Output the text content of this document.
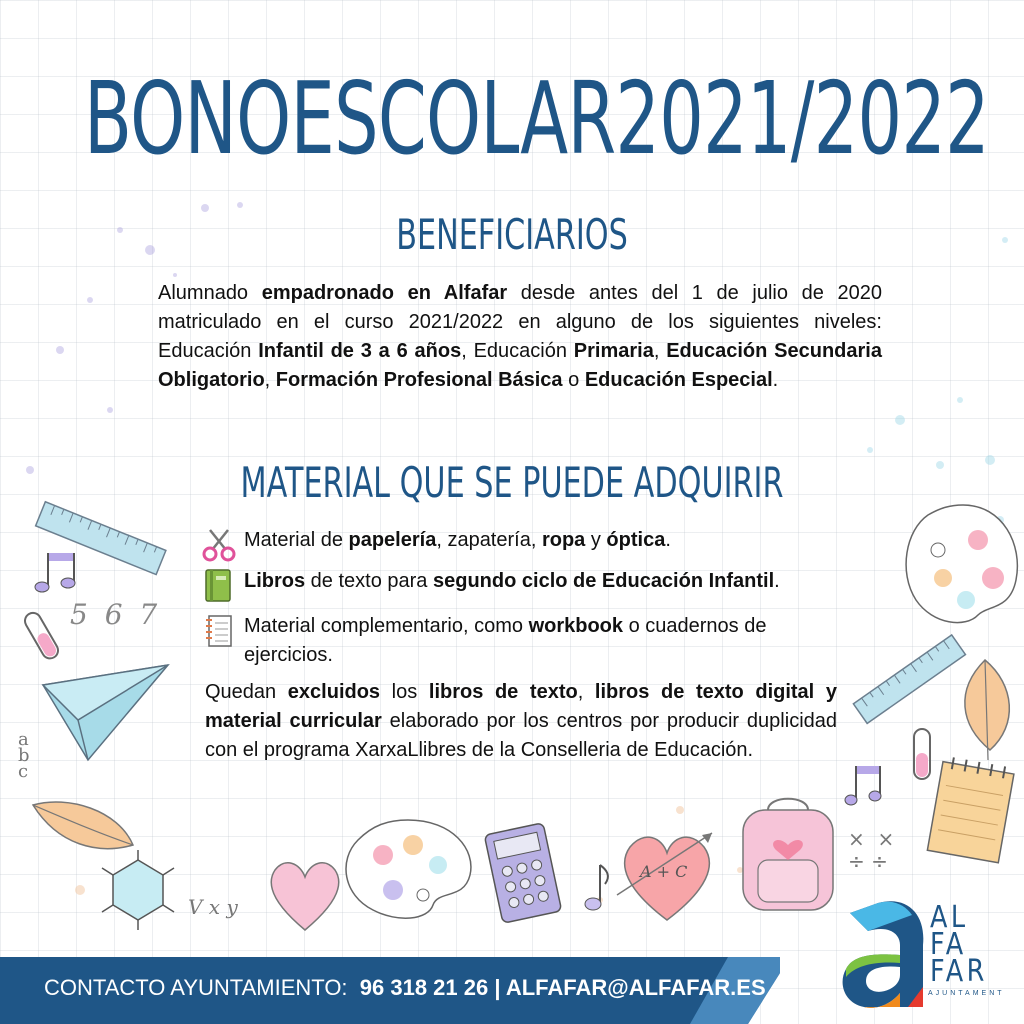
5 6 7
a b c
V x y
A + C
×  ×
÷ ÷
BONO ESCOLAR 2021/2022
BENEFICIARIOS
Alumnado empadronado en Alfafar desde antes del 1 de julio de 2020 matriculado en el curso 2021/2022 en alguno de los siguientes niveles: Educación Infantil de 3 a 6 años, Educación Primaria, Educación Secundaria Obligatorio, Formación Profesional Básica o Educación Especial.
MATERIAL QUE SE PUEDE ADQUIRIR
Material de papelería, zapatería, ropa y óptica.
Libros de texto para segundo ciclo de Educación Infantil.
Material complementario, como workbook o cuadernos de ejercicios.
Quedan excluidos los libros de texto, libros de texto digital y material curricular elaborado por los centros por producir duplicidad con el programa XarxaLlibres de la Conselleria de Educación.
CONTACTO AYUNTAMIENTO: 96 318 21 26 | ALFAFAR@ALFAFAR.ES
AL
FA
FAR
AJUNTAMENT
